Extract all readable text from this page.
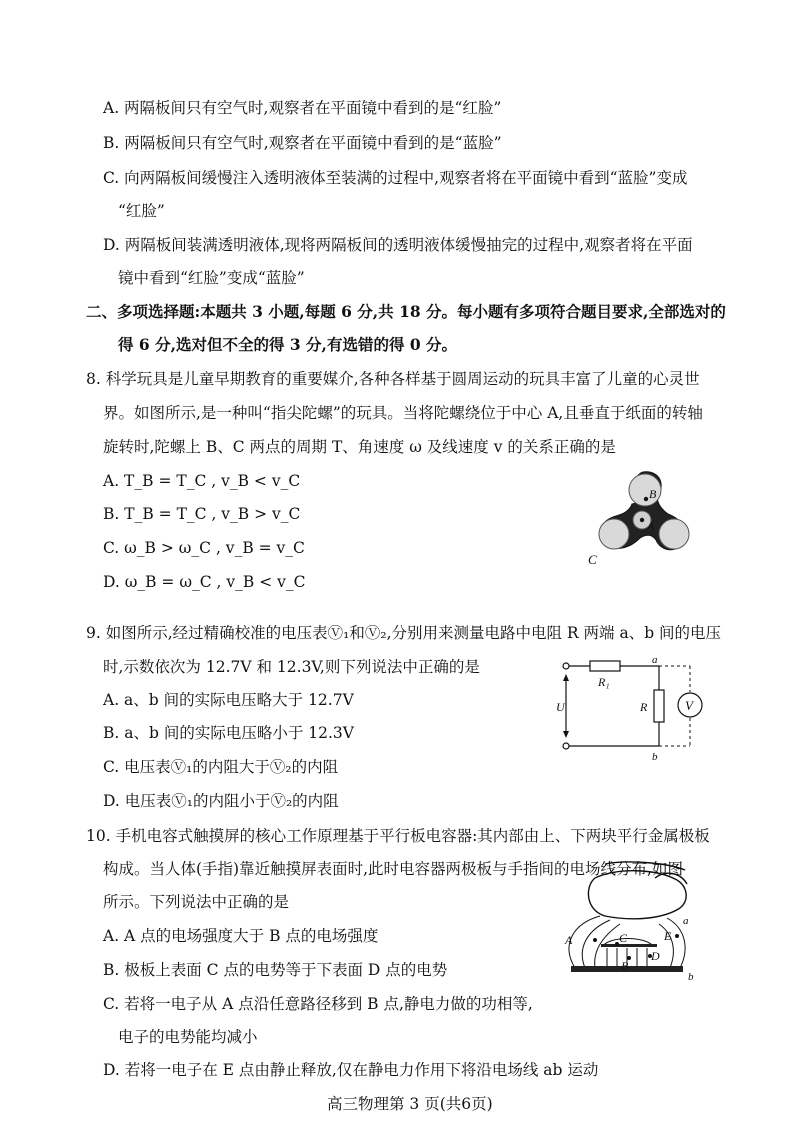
A. 两隔板间只有空气时,观察者在平面镜中看到的是“红脸”
B. 两隔板间只有空气时,观察者在平面镜中看到的是“蓝脸”
C. 向两隔板间缓慢注入透明液体至装满的过程中,观察者将在平面镜中看到“蓝脸”变成
“红脸”
D. 两隔板间装满透明液体,现将两隔板间的透明液体缓慢抽完的过程中,观察者将在平面
镜中看到“红脸”变成“蓝脸”
二、多项选择题:本题共 3 小题,每题 6 分,共 18 分。每小题有多项符合题目要求,全部选对的
得 6 分,选对但不全的得 3 分,有选错的得 0 分。
8. 科学玩具是儿童早期教育的重要媒介,各种各样基于圆周运动的玩具丰富了儿童的心灵世
界。如图所示,是一种叫“指尖陀螺”的玩具。当将陀螺绕位于中心 A,且垂直于纸面的转轴
旋转时,陀螺上 B、C 两点的周期 T、角速度 ω 及线速度 v 的关系正确的是
A. T_B = T_C , v_B < v_C
B. T_B = T_C , v_B > v_C
C. ω_B > ω_C , v_B = v_C
D. ω_B = ω_C , v_B < v_C
B
A
C
9. 如图所示,经过精确校准的电压表Ⓥ₁和Ⓥ₂,分别用来测量电路中电阻 R 两端 a、b 间的电压
时,示数依次为 12.7V 和 12.3V,则下列说法中正确的是
A. a、b 间的实际电压略大于 12.7V
B. a、b 间的实际电压略小于 12.3V
C. 电压表Ⓥ₁的内阻大于Ⓥ₂的内阻
D. 电压表Ⓥ₁的内阻小于Ⓥ₂的内阻
V
a
b
R₁
R
U
10. 手机电容式触摸屏的核心工作原理基于平行板电容器:其内部由上、下两块平行金属极板
构成。当人体(手指)靠近触摸屏表面时,此时电容器两极板与手指间的电场线分布,如图
所示。下列说法中正确的是
A. A 点的电场强度大于 B 点的电场强度
B. 极板上表面 C 点的电势等于下表面 D 点的电势
C. 若将一电子从 A 点沿任意路径移到 B 点,静电力做的功相等,
电子的电势能均减小
D. 若将一电子在 E 点由静止释放,仅在静电力作用下将沿电场线 ab 运动
A	C
B
D
E
a
b
高三物理第 3 页(共6页)
